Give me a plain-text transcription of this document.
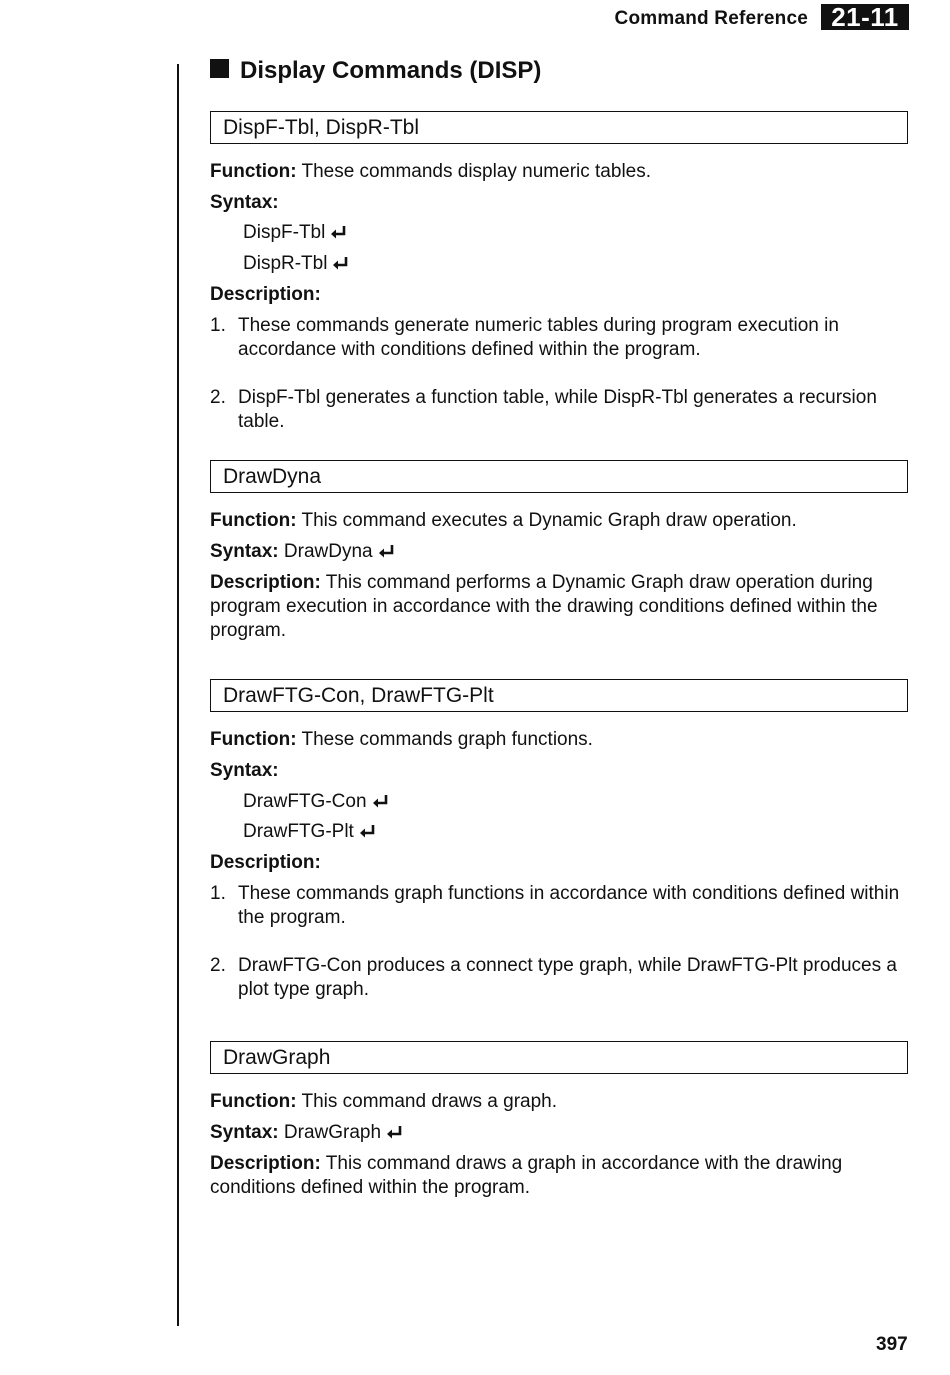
Command Reference 21-11
Display Commands (DISP)
DispF-Tbl, DispR-Tbl

Function: These commands display numeric tables.

Syntax:

DispF-Tbl
DispR-Tbl

Description:

1. These commands generate numeric tables during program execution in accordance with conditions defined within the program.
2. DispF-Tbl generates a function table, while DispR-Tbl generates a recursion table.
DrawDyna

Function: This command executes a Dynamic Graph draw operation.

Syntax: DrawDyna

Description: This command performs a Dynamic Graph draw operation during program execution in accordance with the drawing conditions defined within the program.

DrawFTG-Con, DrawFTG-Plt

Function: These commands graph functions.

Syntax:

DrawFTG-Con
DrawFTG-Plt

Description:

1. These commands graph functions in accordance with conditions defined within the program.
2. DrawFTG-Con produces a connect type graph, while DrawFTG-Plt produces a plot type graph.
DrawGraph

Function: This command draws a graph.

Syntax: DrawGraph

Description: This command draws a graph in accordance with the drawing conditions defined within the program.

397
